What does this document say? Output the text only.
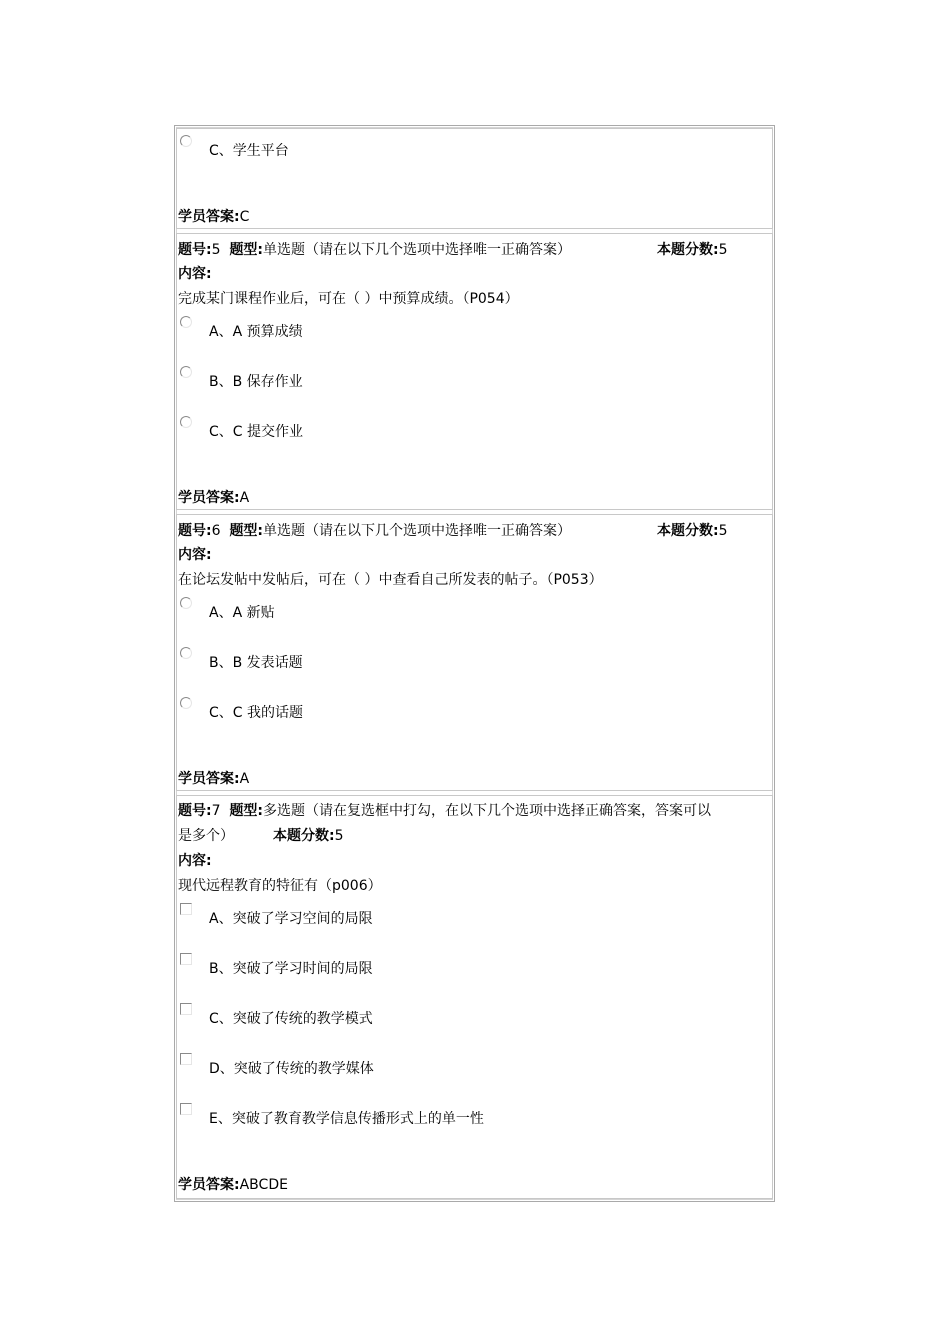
C、学生平台
学员答案:C
题号:5 题型:单选题（请在以下几个选项中选择唯一正确答案）	本题分数:5
内容:
完成某门课程作业后，可在（ ）中预算成绩。（P054）
A、A 预算成绩
B、B 保存作业
C、C 提交作业
学员答案:A
题号:6 题型:单选题（请在以下几个选项中选择唯一正确答案）	本题分数:5
内容:
在论坛发帖中发帖后，可在（ ）中查看自己所发表的帖子。（P053）
A、A 新贴
B、B 发表话题
C、C 我的话题
学员答案:A
题号:7 题型:多选题（请在复选框中打勾，在以下几个选项中选择正确答案，答案可以
是多个）	本题分数:5
内容:
现代远程教育的特征有（p006）
A、突破了学习空间的局限
B、突破了学习时间的局限
C、突破了传统的教学模式
D、突破了传统的教学媒体
E、突破了教育教学信息传播形式上的单一性
学员答案:ABCDE
